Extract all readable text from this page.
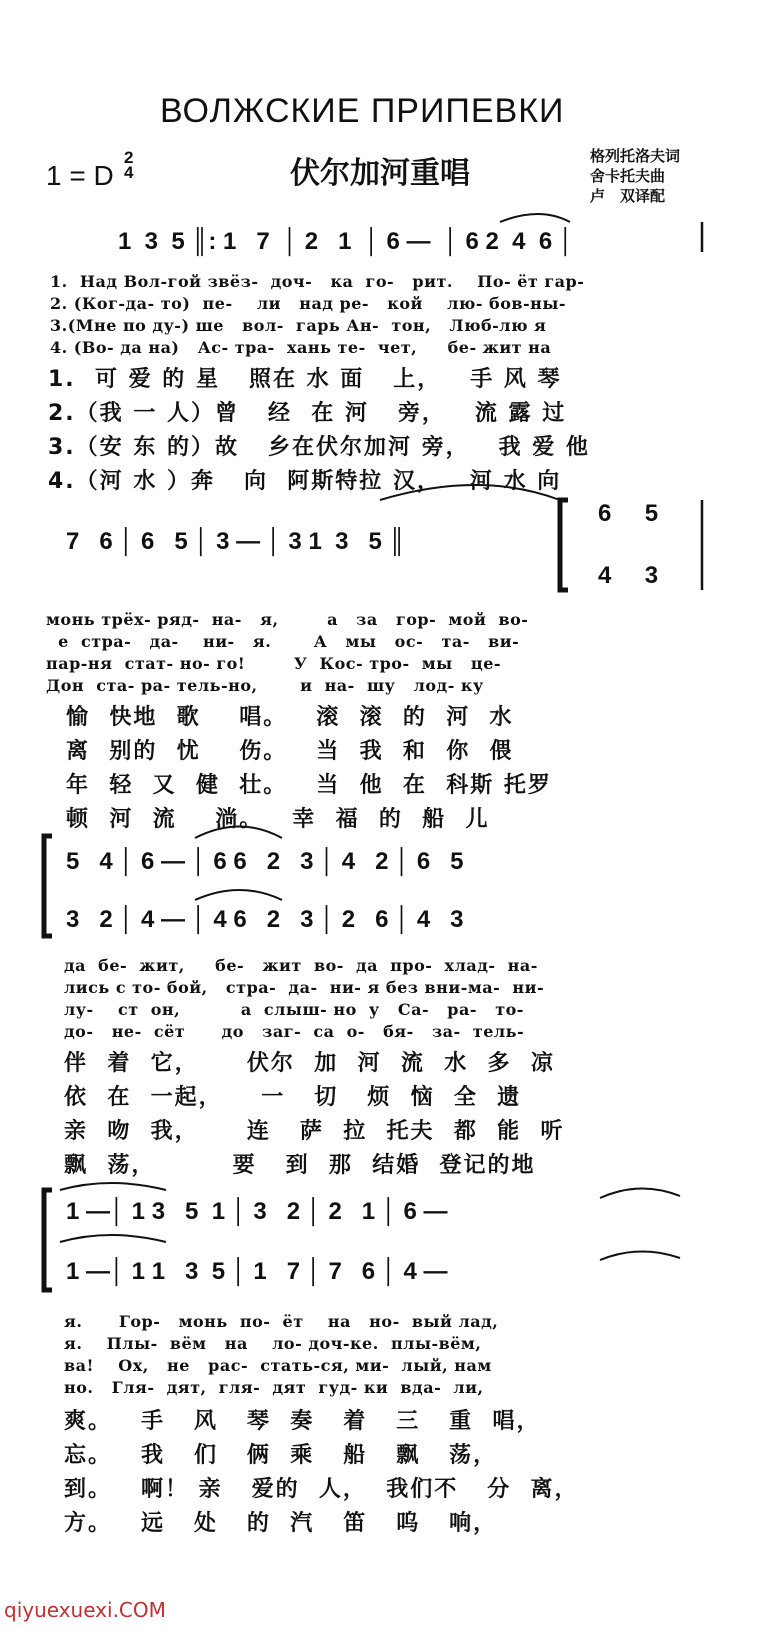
ВОЛЖСКИЕ ПРИПЕВКИ
1 = D
2
4	伏尔加河重唱	格列托洛夫词
舍卡托夫曲
卢　双译配
1  3  5 ║: 1   7  │ 2   1  │ 6 —  │ 6 2  4  6 │
1.  Над Вол-гой звёз-  доч-   ка  го-   рит.    По- ёт гар-
2. (Ког-да- то)  пе-    ли   над ре-   кой    лю- бов-ны-
3.(Мне по ду-) ше   вол-  гарь Ан-  тон,   Люб-лю я
4. (Во- да на)   Ас- тра-  хань те-  чет,     бе- жит на
1.  可 爱 的 星   照在 水 面   上，   手 风 琴
2.（我 一 人）曾   经  在 河   旁，   流 露 过
3.（安 东 的）故   乡在伏尔加河 旁，   我 爱 他
4.（河 水 ）奔   向  阿斯特拉 汉，   河 水 向
7   6 │ 6   5 │ 3 — │ 3 1  3   5 ║
6     5
4     3
монь трёх- ряд-  на-   я,        а   за   гор-  мой  во-
е  стра-   да-    ни-   я.       А   мы   ос-   та-   ви-
пар-ня  стат- но- го!        У  Кос- тро-  мы   це-
Дон  ста- ра- тель-но,       и  на-  шу   лод- ку
愉  快地  歌    唱。   滚  滚  的  河  水
离  别的  忧    伤。   当  我  和  你  偎
年  轻  又  健  壮。   当  他  在  科斯 托罗
顿  河  流    淌。   幸  福  的  船  儿
5   4 │ 6 — │ 6 6   2   3 │ 4   2 │ 6   5
3   2 │ 4 — │ 4 6   2   3 │ 2   6 │ 4   3
да  бе-  жит,     бе-   жит  во-  да  про-  хлад-  на-
лись с то- бой,   стра-  да-  ни- я без вни-ма-  ни-
лу-    ст  он,          а  слыш- но  у   Са-   ра-   то-
до-   не-  сёт      до   заг-  са  о-   бя-   за-  тель-
伴  着  它，     伏尔  加  河  流  水  多  凉
依  在  一起，    一   切   烦  恼  全  遗
亲  吻  我，     连   萨  拉  托夫  都  能  听
飘  荡，        要   到  那  结婚  登记的地
1 —│ 1 3   5  1 │ 3   2 │ 2   1 │ 6 —
1 —│ 1 1   3  5 │ 1   7 │ 7   6 │ 4 —
я.      Гор-   монь  по-  ёт    на   но-  вый лад,
я.    Плы-  вём   на    ло- доч-ке.  плы-вём,
ва!    Ох,   не   рас-  стать-ся, ми-  лый, нам
но.   Гля-  дят,  гля-  дят  гуд- ки  вда-  ли,
爽。   手   风   琴  奏   着   三   重  唱，
忘。   我   们   俩  乘   船   飘   荡，
到。   啊！ 亲   爱的  人，  我们不   分  离，
方。   远   处   的  汽   笛   呜   响，
qiyuexuexi.COM
